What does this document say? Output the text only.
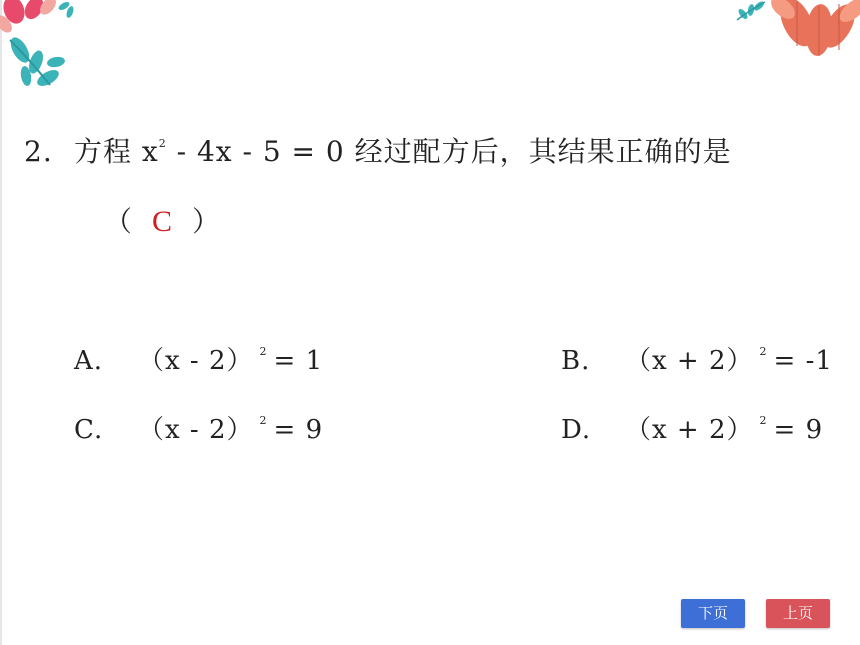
2. 方程 $x^2 - 4x - 5 = 0$ 经过配方后，其结果正确的是
（ C ）
A. （x - 2） $^2$ = 1	B. （x + 2） $^2$ = -1
C. （x - 2） $^2$ = 9	D. （x + 2） $^2$ = 9
下页	上页
